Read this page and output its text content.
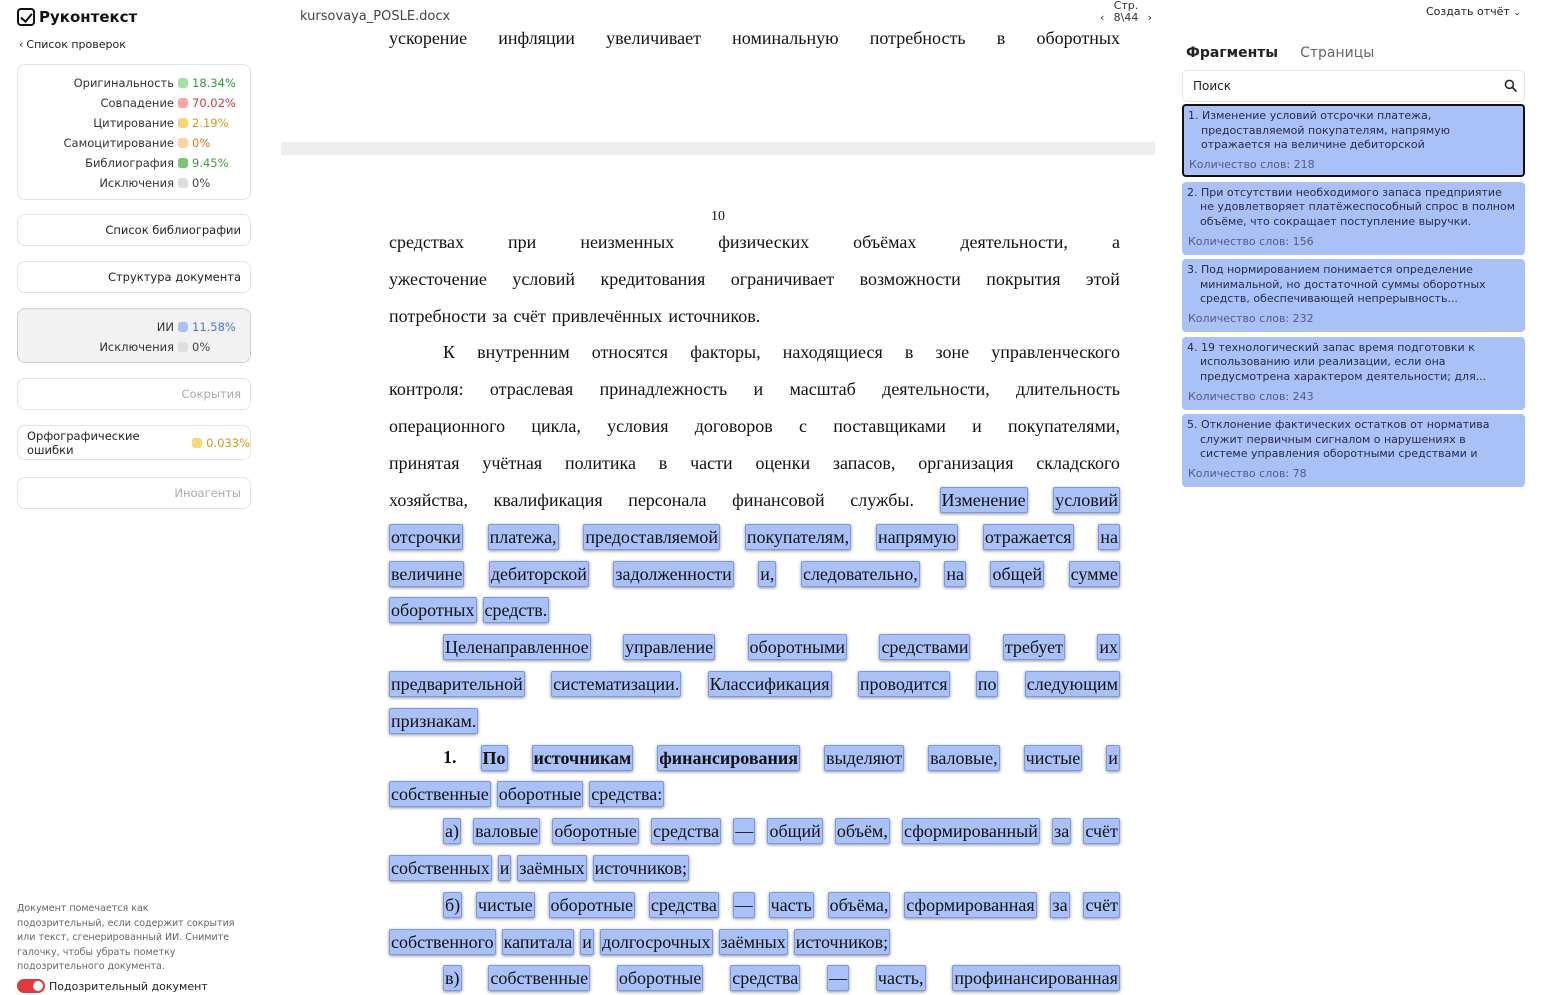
Руконтекст
‹ Список проверок
Оригинальность	18.34%
Совпадение	70.02%
Цитирование	2.19%
Самоцитирование	0%
Библиография	9.45%
Исключения	0%
Список библиографии
Структура документа
ИИ	11.58%
Исключения	0%
Сокрытия
Орфографические ошибки	0.033%
Иноагенты
Документ помечается как подозрительный, если содержит сокрытия или текст, сгенерированный ИИ. Снимите галочку, чтобы убрать пометку подозрительного документа.
Подозрительный документ
kursovaya_POSLE.docx
Стр.
‹ 8\44 ›	Создать отчёт ⌄
ускорение инфляции увеличивает номинальную потребность в оборотных
10
средствах при неизменных физических объёмах деятельности, а
ужесточение условий кредитования ограничивает возможности покрытия этой
потребности за счёт привлечённых источников.
К внутренним относятся факторы, находящиеся в зоне управленческого
контроля: отраслевая принадлежность и масштаб деятельности, длительность
операционного цикла, условия договоров с поставщиками и покупателями,
принятая учётная политика в части оценки запасов, организация складского
хозяйства, квалификация персонала финансовой службы. Изменение условий
отсрочки платежа, предоставляемой покупателям, напрямую отражается на
величине дебиторской задолженности и, следовательно, на общей сумме
оборотных средств.
Целенаправленное управление оборотными средствами требует их
предварительной систематизации. Классификация проводится по следующим
признакам.
1. По источникам финансирования выделяют валовые, чистые и
собственные оборотные средства:
а) валовые оборотные средства — общий объём, сформированный за счёт
собственных и заёмных источников;
б) чистые оборотные средства — часть объёма, сформированная за счёт
собственного капитала и долгосрочных заёмных источников;
в) собственные оборотные средства — часть, профинансированная
Фрагменты Страницы
Поиск
1. Изменение условий отсрочки платежа, предоставляемой покупателям, напрямую отражается на величине дебиторской
Количество слов: 218
2. При отсутствии необходимого запаса предприятие не удовлетворяет платёжеспособный спрос в полном объёме, что сокращает поступление выручки.
Количество слов: 156
3. Под нормированием понимается определение минимальной, но достаточной суммы оборотных средств, обеспечивающей непрерывность...
Количество слов: 232
4. 19 технологический запас время подготовки к использованию или реализации, если она предусмотрена характером деятельности; для...
Количество слов: 243
5. Отклонение фактических остатков от норматива служит первичным сигналом о нарушениях в системе управления оборотными средствами и
Количество слов: 78
